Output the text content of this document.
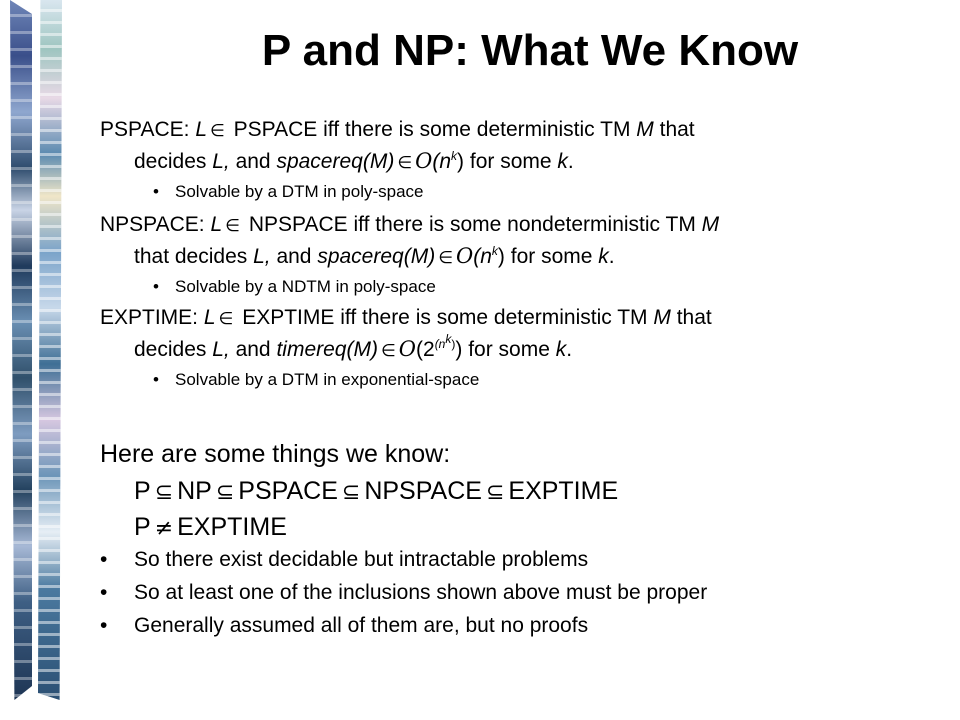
P and NP: What We Know

PSPACE: L ∈ PSPACE iff there is some deterministic TM M that
decides L, and spacereq(M) ∈ $O(n^k)$ for some k.

• Solvable by a DTM in poly-space

NPSPACE: L ∈ NPSPACE iff there is some nondeterministic TM M
that decides L, and spacereq(M) ∈ $O(n^k)$ for some k.

• Solvable by a NDTM in poly-space

EXPTIME: L ∈ EXPTIME iff there is some deterministic TM M that
decides L, and timereq(M) ∈ $O(2^{(n^k)})$ for some k.

• Solvable by a DTM in exponential-space
Here are some things we know:
P ⊆ NP ⊆ PSPACE ⊆ NPSPACE ⊆ EXPTIME
P ≠ EXPTIME
• So there exist decidable but intractable problems
• So at least one of the inclusions shown above must be proper
• Generally assumed all of them are, but no proofs
